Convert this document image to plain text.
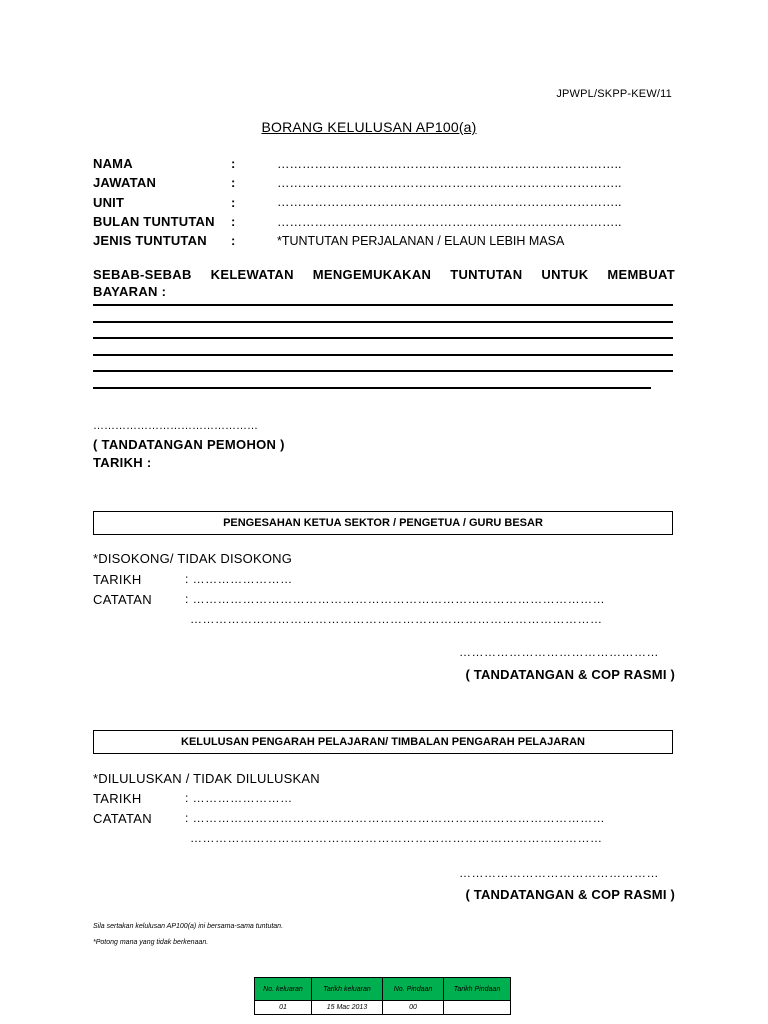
JPWPL/SKPP-KEW/11
BORANG KELULUSAN AP100(a)
NAMA	:	………………………………………………………………………..
JAWATAN	:	………………………………………………………………………..
UNIT	:	………………………………………………………………………..
BULAN TUNTUTAN	:	………………………………………………………………………..
JENIS TUNTUTAN	:	*TUNTUTAN PERJALANAN / ELAUN LEBIH MASA
SEBAB-SEBAB KELEWATAN MENGEMUKAKAN TUNTUTAN UNTUK MEMBUAT
BAYARAN :
………………………………………
( TANDATANGAN PEMOHON )
TARIKH :
PENGESAHAN KETUA SEKTOR / PENGETUA / GURU BESAR
*DISOKONG/ TIDAK DISOKONG
TARIKH	: ……………………
CATATAN	: ………………………………………………………………………………………
………………………………………………………………………………………
…………………………………………
( TANDATANGAN & COP RASMI )
KELULUSAN PENGARAH PELAJARAN/ TIMBALAN PENGARAH PELAJARAN
*DILULUSKAN / TIDAK DILULUSKAN
TARIKH	: ……………………
CATATAN	: ………………………………………………………………………………………
………………………………………………………………………………………
…………………………………………
( TANDATANGAN & COP RASMI )
Sila sertakan kelulusan AP100(a) ini bersama-sama tuntutan.
*Potong mana yang tidak berkenaan.
No. keluaran	Tarikh keluaran	No. Pindaan	Tarikh Pindaan
01	15 Mac 2013	00	
